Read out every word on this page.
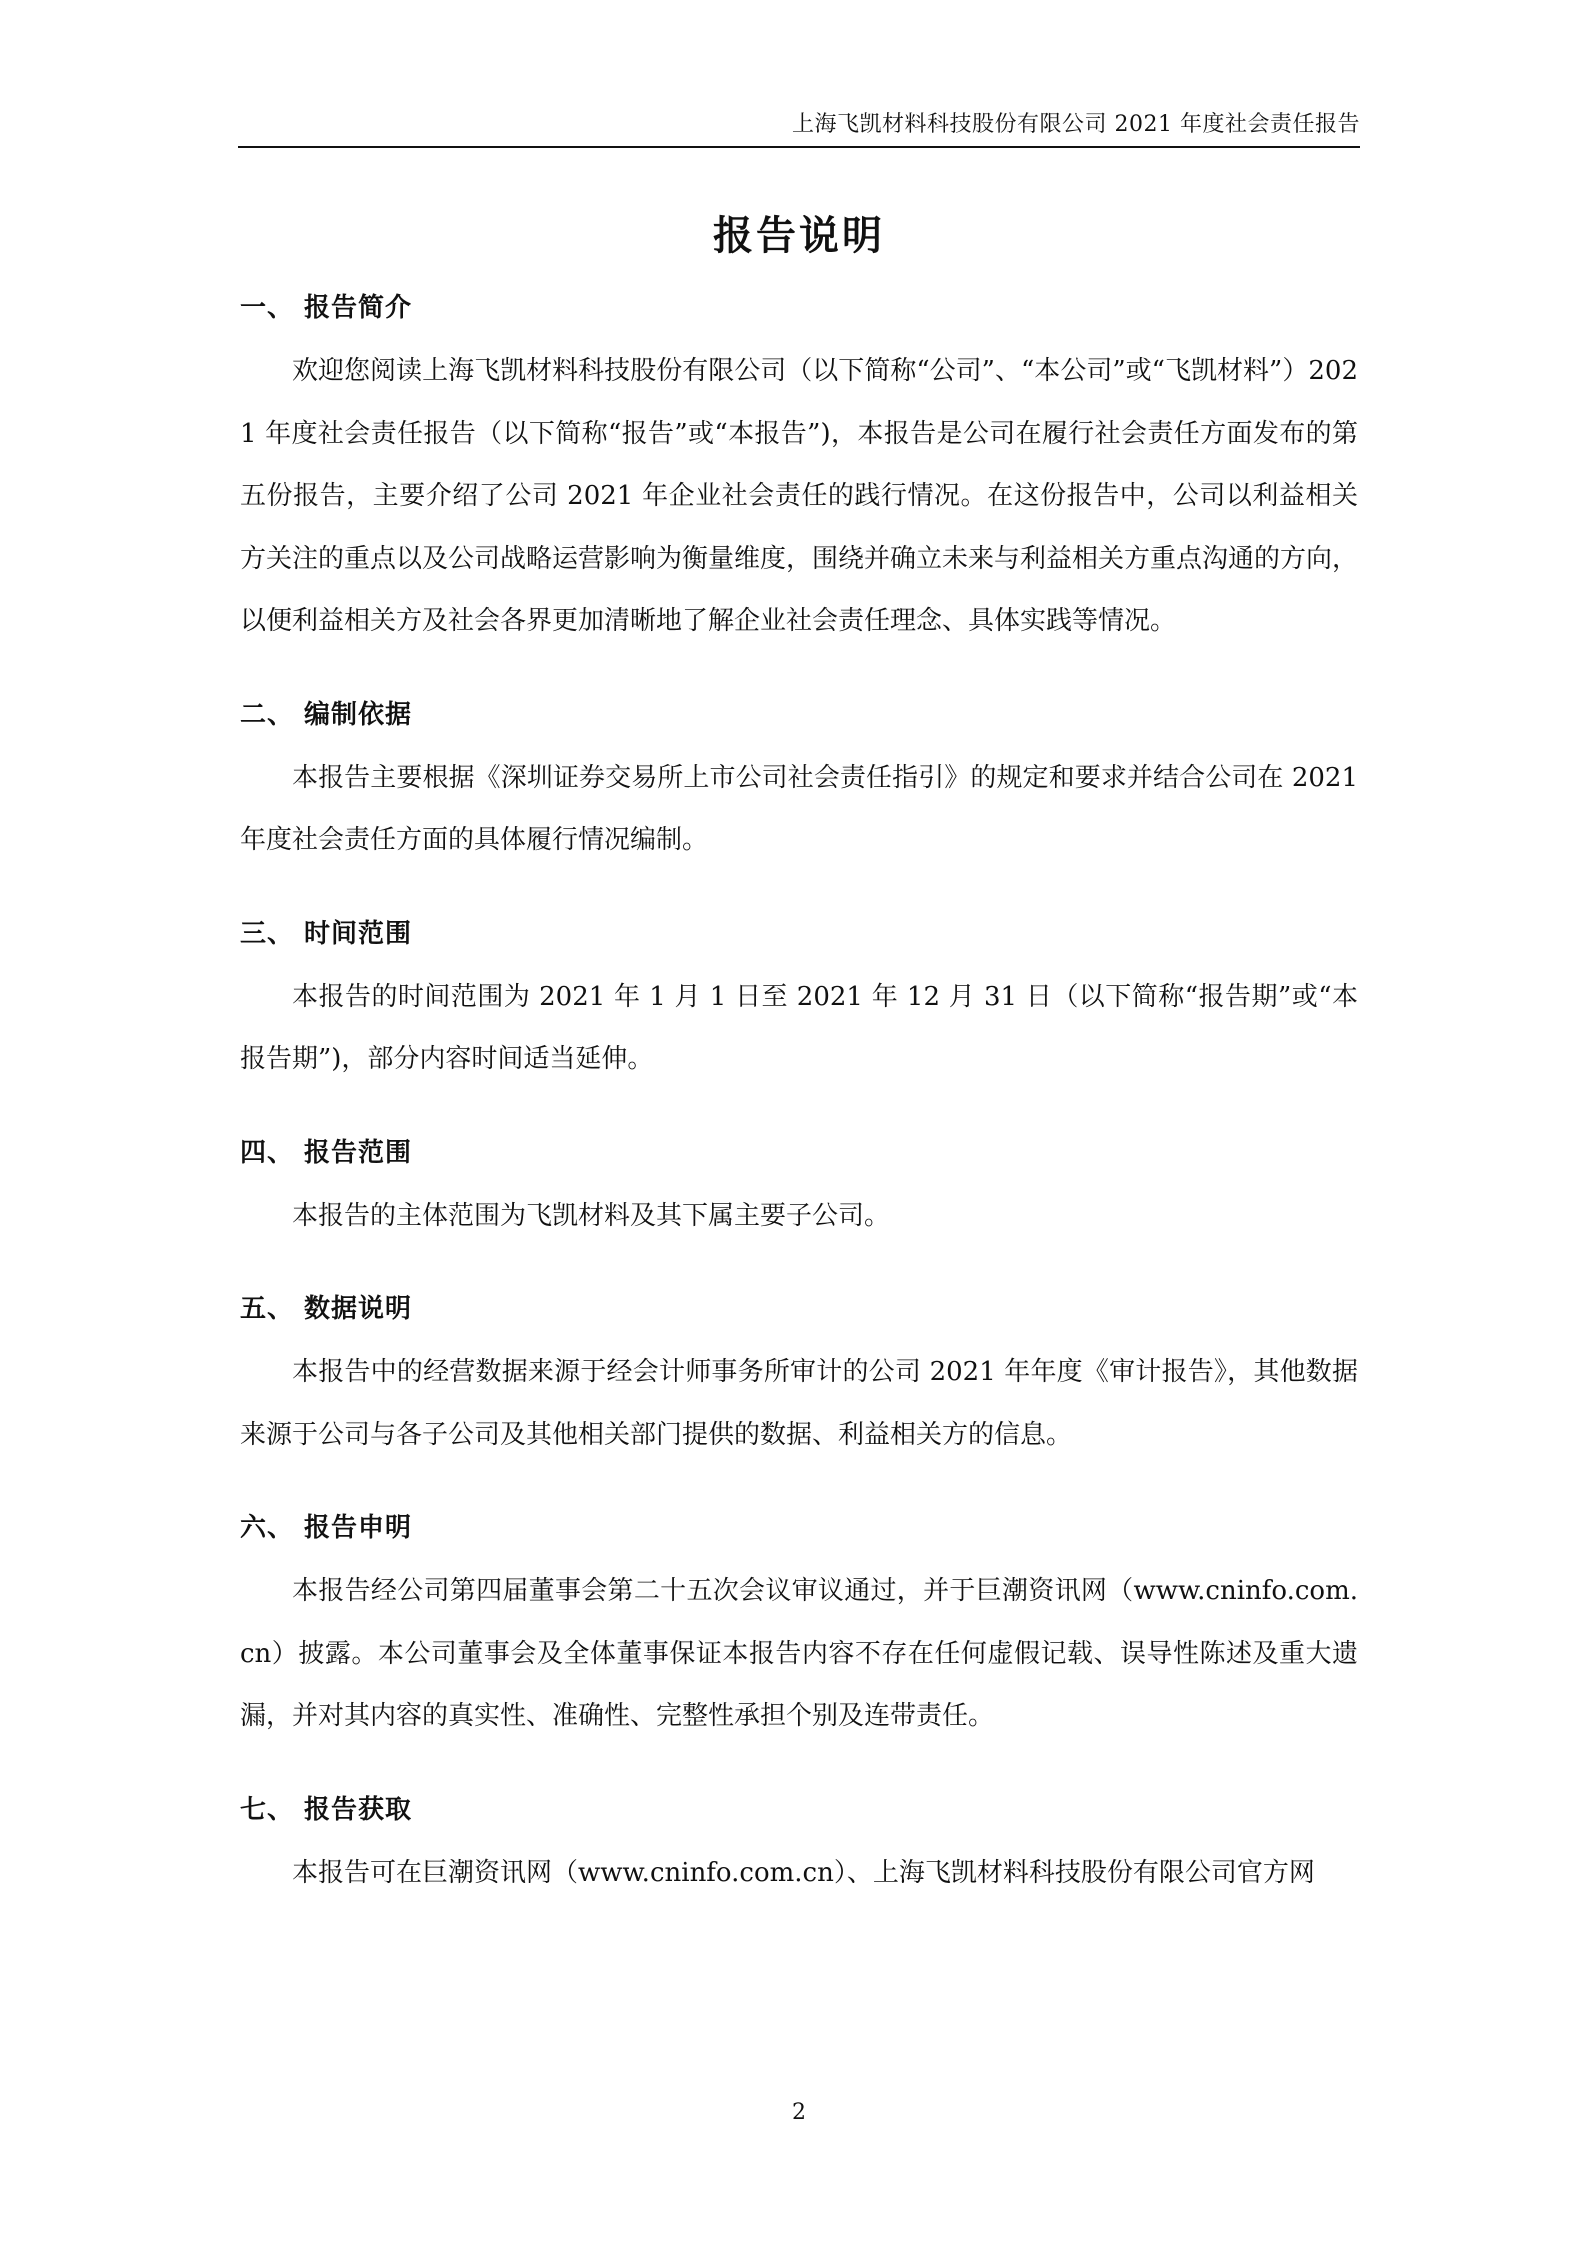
上海飞凯材料科技股份有限公司 2021 年度社会责任报告
报告说明
一、 报告简介

欢迎您阅读上海飞凯材料科技股份有限公司（以下简称“公司”、“本公司”或“飞凯材料”）2021 年度社会责任报告（以下简称“报告”或“本报告”)，本报告是公司在履行社会责任方面发布的第五份报告，主要介绍了公司 2021 年企业社会责任的践行情况。在这份报告中，公司以利益相关方关注的重点以及公司战略运营影响为衡量维度，围绕并确立未来与利益相关方重点沟通的方向，以便利益相关方及社会各界更加清晰地了解企业社会责任理念、具体实践等情况。

二、 编制依据

本报告主要根据《深圳证券交易所上市公司社会责任指引》的规定和要求并结合公司在 2021 年度社会责任方面的具体履行情况编制。

三、 时间范围

本报告的时间范围为 2021 年 1 月 1 日至 2021 年 12 月 31 日（以下简称“报告期”或“本报告期”)，部分内容时间适当延伸。

四、 报告范围

本报告的主体范围为飞凯材料及其下属主要子公司。

五、 数据说明

本报告中的经营数据来源于经会计师事务所审计的公司 2021 年年度《审计报告》，其他数据来源于公司与各子公司及其他相关部门提供的数据、利益相关方的信息。

六、 报告申明

本报告经公司第四届董事会第二十五次会议审议通过，并于巨潮资讯网（www.cninfo.com.cn）披露。本公司董事会及全体董事保证本报告内容不存在任何虚假记载、误导性陈述及重大遗漏，并对其内容的真实性、准确性、完整性承担个别及连带责任。

七、 报告获取

本报告可在巨潮资讯网（www.cninfo.com.cn）、上海飞凯材料科技股份有限公司官方网

2
